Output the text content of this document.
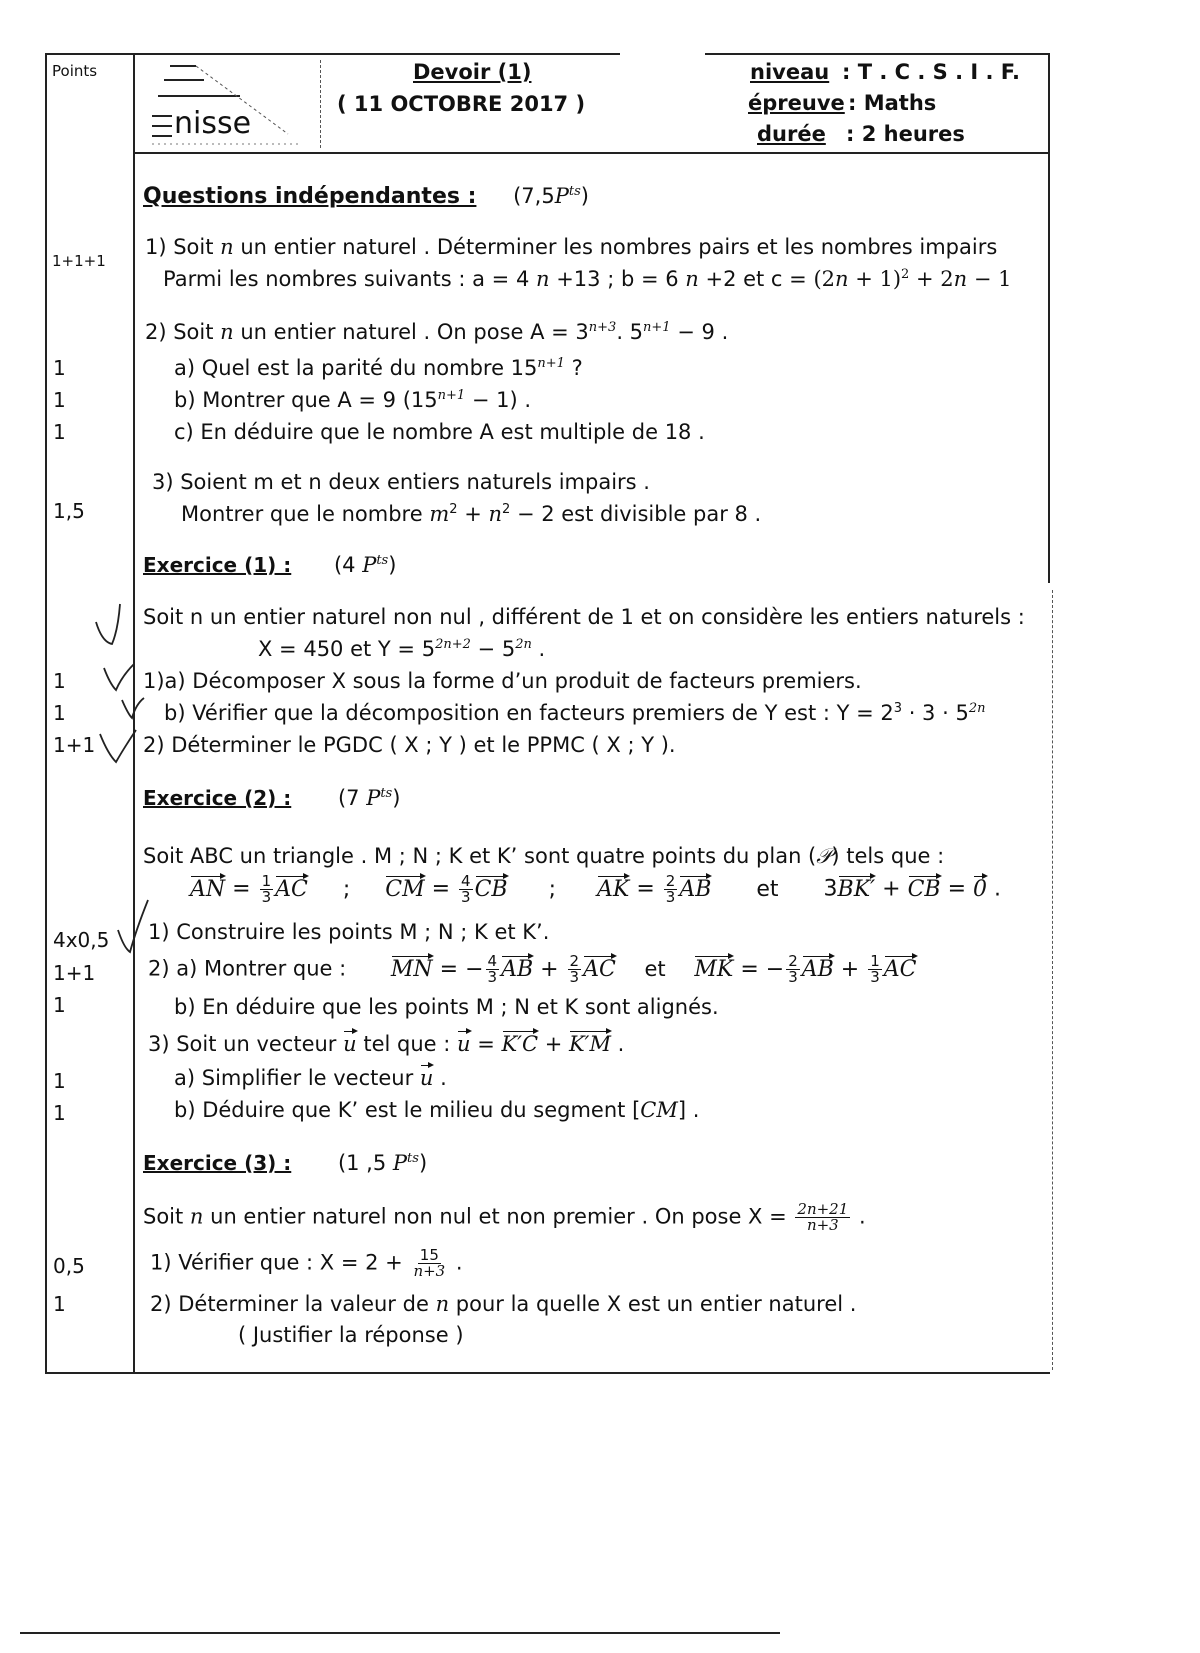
Points
nisse
Devoir (1)
( 11 OCTOBRE 2017 )
niveau : T . C . S . I . F.
épreuve : Maths
durée : 2 heures
1+1+1
1
1
1
1,5
1
1
1+1
4x0,5
1+1
1
1
1
0,5
1
Questions indépendantes : $(7,5P^{ts})$
1) Soit n un entier naturel . Déterminer les nombres pairs et les nombres impairs
Parmi les nombres suivants : a = 4 n +13 ; b = 6 n +2 et $c = (2n + 1)^2 + 2n - 1$
2) Soit n un entier naturel . On pose $A = 3^{n+3}$. $5^{n+1} - 9$ .
a) Quel est la parité du nombre $15^{n+1}$ ?
b) Montrer que A = 9 $(15^{n+1} - 1)$ .
c) En déduire que le nombre A est multiple de 18 .
3) Soient m et n deux entiers naturels impairs .
Montrer que le nombre $m^2 + n^2 - 2$ est divisible par 8 .
Exercice (1) : (4 $P^{ts}$)
Soit n un entier naturel non nul , différent de 1 et on considère les entiers naturels :
X = 450 et $Y = 5^{2n+2} - 5^{2n}$ .
1)a) Décomposer X sous la forme d’un produit de facteurs premiers.
b) Vérifier que la décomposition en facteurs premiers de Y est : $Y = 2^3 \cdot 3 \cdot 5^{2n}$
2) Déterminer le PGDC ( X ; Y ) et le PPMC ( X ; Y ).
Exercice (2) : (7 $P^{ts}$)
Soit ABC un triangle . M ; N ; K et K’ sont quatre points du plan (𝒫) tels que :
AN = $\frac{1}{3}$ AC ; CM = $\frac{4}{3}$ CB ; AK = $\frac{2}{3}$ AB et 3BK′ + CB = 0 .
1) Construire les points M ; N ; K et K’.
2) a) Montrer que : MN = − $\frac{4}{3}$ AB + $\frac{2}{3}$ AC et MK = − $\frac{2}{3}$ AB + $\frac{1}{3}$ AC
b) En déduire que les points M ; N et K sont alignés.
3) Soit un vecteur u tel que : u = K′C + K′M .
a) Simplifier le vecteur u .
b) Déduire que K’ est le milieu du segment [CM] .
Exercice (3) : (1 ,5 $P^{ts}$)
Soit n un entier naturel non nul et non premier . On pose $X = \frac{2n+21}{n+3}$ .
1) Vérifier que : $X = 2 + \frac{15}{n+3}$ .
2) Déterminer la valeur de n pour la quelle X est un entier naturel .
( Justifier la réponse )
